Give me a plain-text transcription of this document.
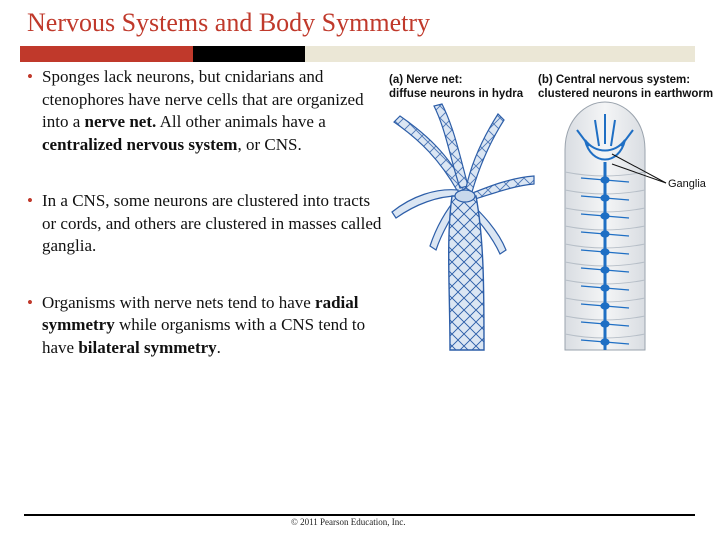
Nervous Systems and Body Symmetry
• Sponges lack neurons, but cnidarians and ctenophores have nerve cells that are organized into a nerve net. All other animals have a centralized nervous system, or CNS.
• In a CNS, some neurons are clustered into tracts or cords, and others are clustered in masses called ganglia.
• Organisms with nerve nets tend to have radial symmetry while organisms with a CNS tend to have bilateral symmetry.
(a) Nerve net:
diffuse neurons in hydra
(b) Central nervous system:
clustered neurons in earthworm
Ganglia
© 2011 Pearson Education, Inc.
